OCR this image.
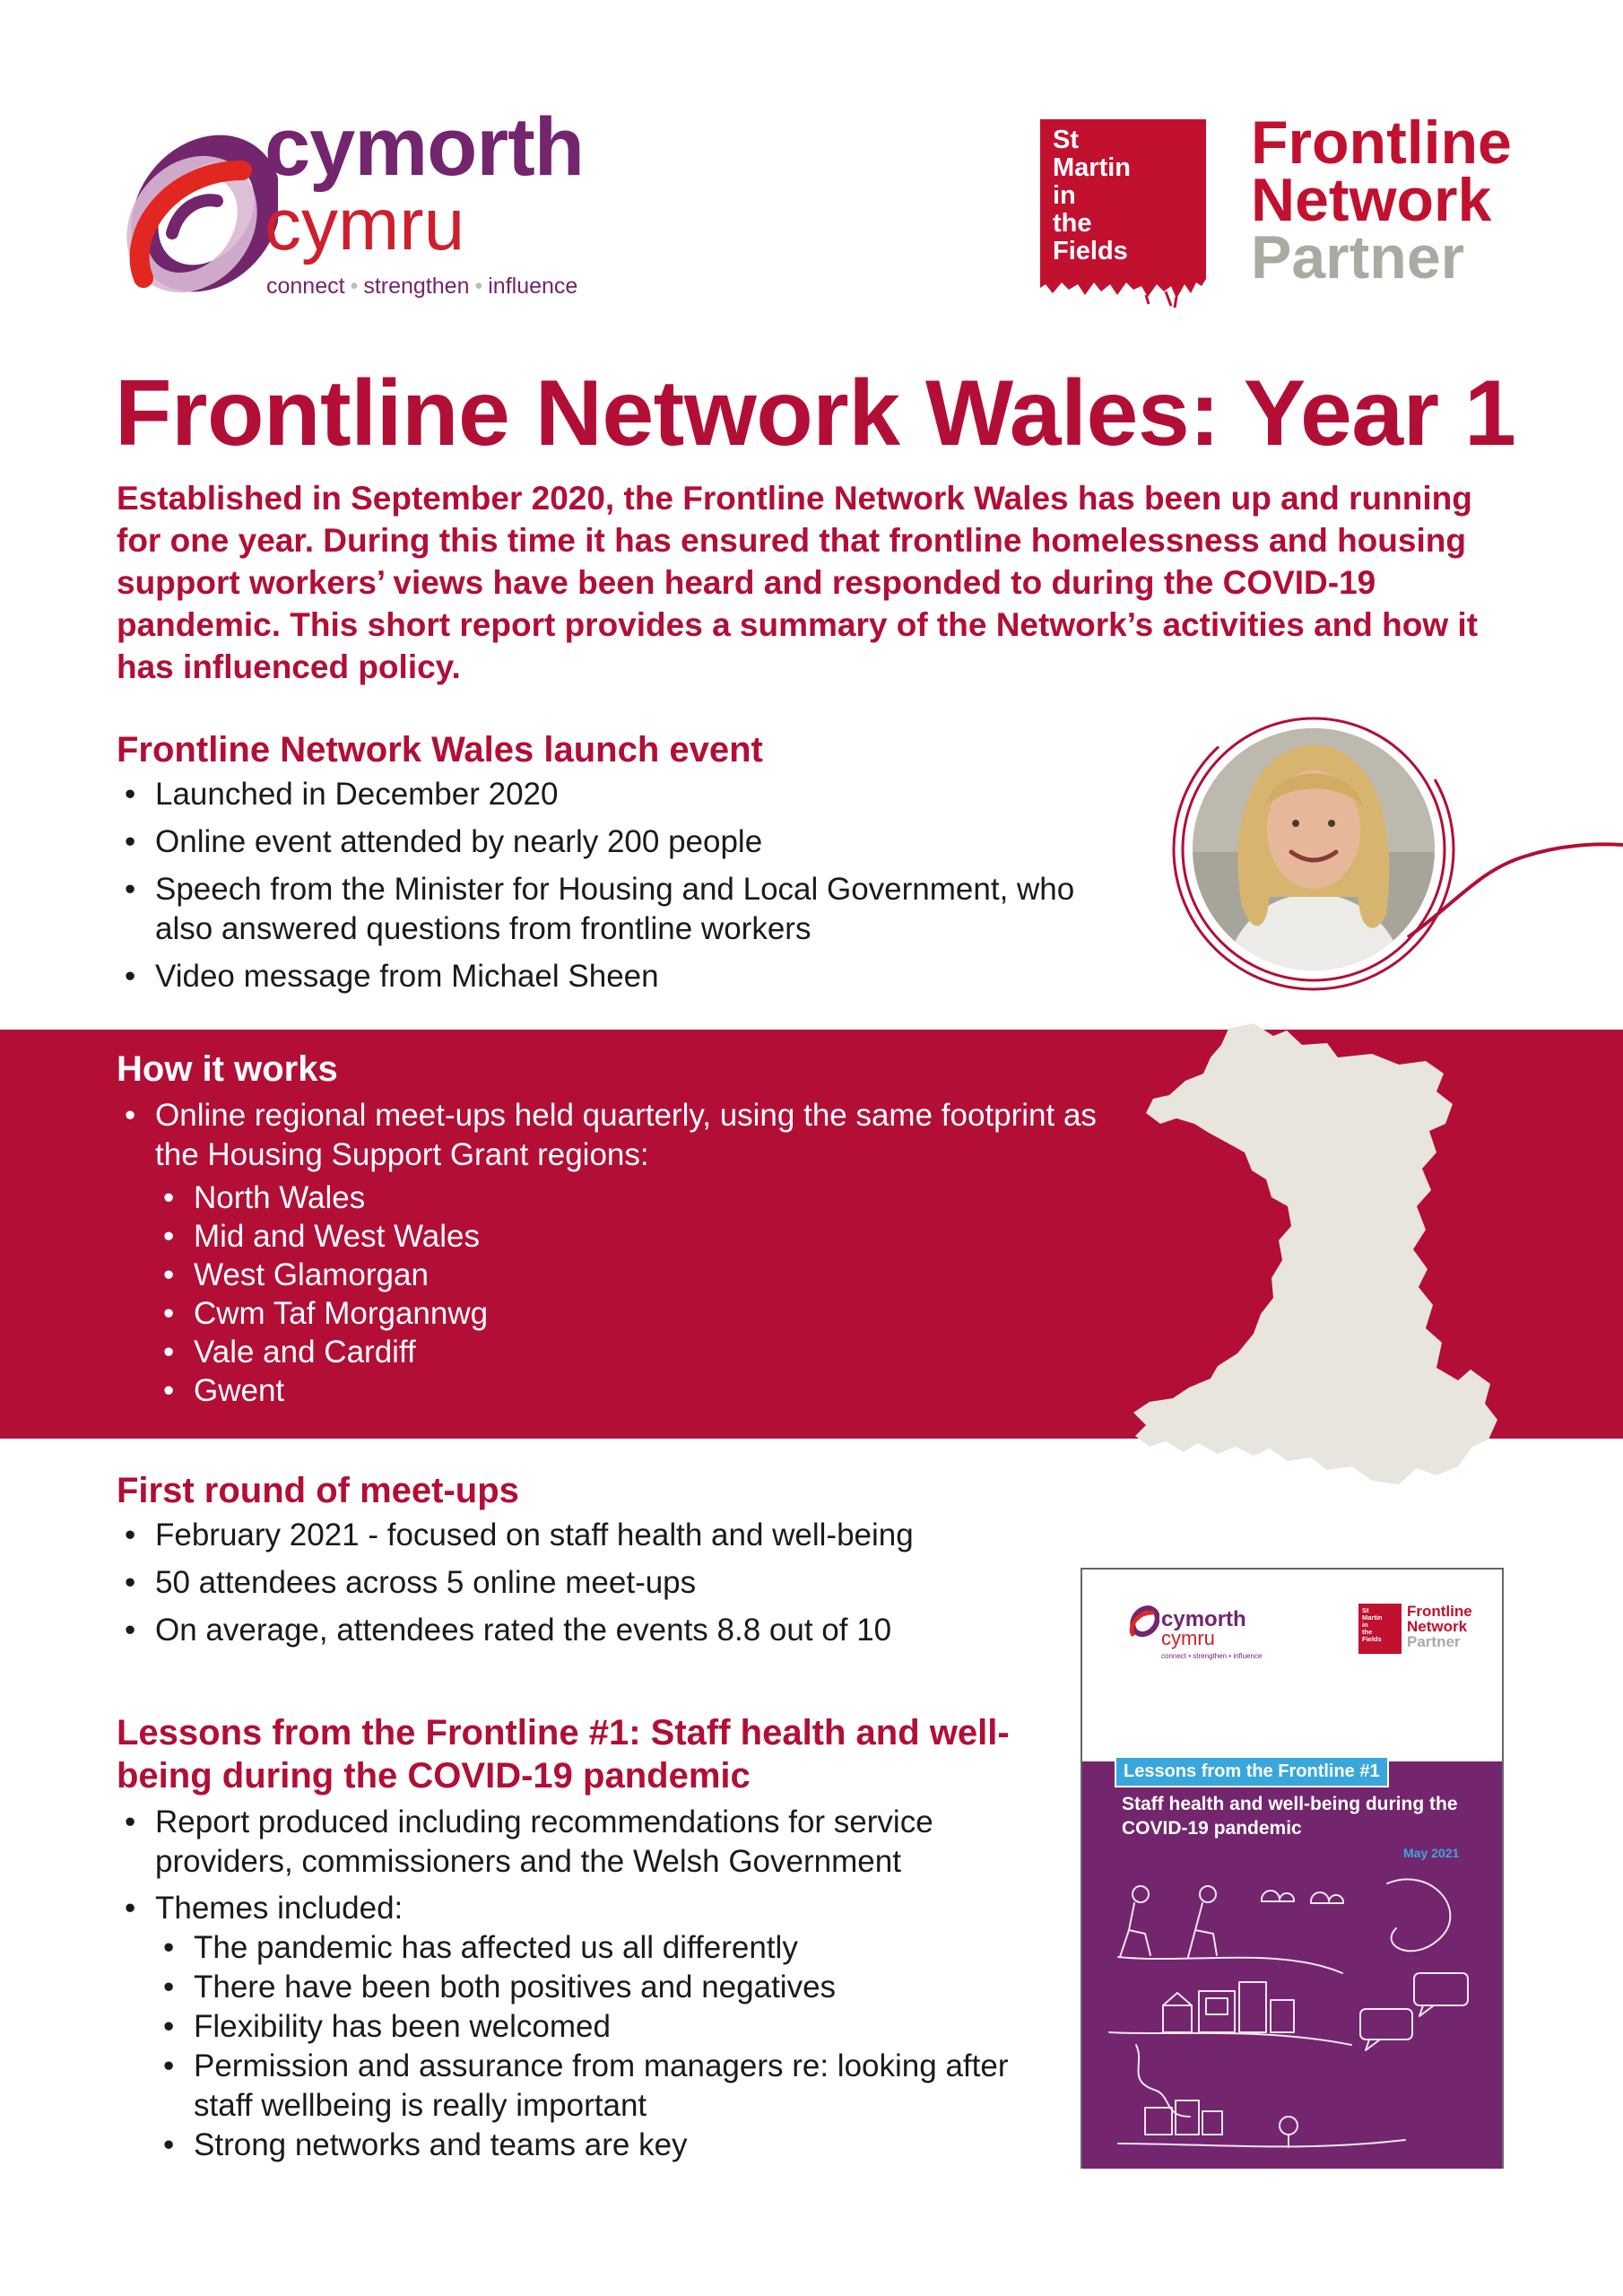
cymorth
cymru
connect • strengthen • influence
St
Martin
in
the
Fields
Frontline
Network
Partner
Frontline Network Wales: Year 1

Established in September 2020, the Frontline Network Wales has been up and running for one year. During this time it has ensured that frontline homelessness and housing support workers’ views have been heard and responded to during the COVID-19 pandemic. This short report provides a summary of the Network’s activities and how it has influenced policy.

Frontline Network Wales launch event
• Launched in December 2020
• Online event attended by nearly 200 people
• Speech from the Minister for Housing and Local Government, who also answered questions from frontline workers
• Video message from Michael Sheen
How it works
• Online regional meet-ups held quarterly, using the same footprint as the Housing Support Grant regions:
• North Wales
• Mid and West Wales
• West Glamorgan
• Cwm Taf Morgannwg
• Vale and Cardiff
• Gwent
First round of meet-ups
• February 2021 - focused on staff health and well-being
• 50 attendees across 5 online meet-ups
• On average, attendees rated the events 8.8 out of 10
Lessons from the Frontline #1: Staff health and well-being during the COVID-19 pandemic
• Report produced including recommendations for service providers, commissioners and the Welsh Government
• Themes included:
• The pandemic has affected us all differently
• There have been both positives and negatives
• Flexibility has been welcomed
• Permission and assurance from managers re: looking after staff wellbeing is really important
• Strong networks and teams are key
cymorth
cymru
connect • strengthen • influence
St
Martin
in
the
Fields
Frontline
Network
Partner
Lessons from the Frontline #1
Staff health and well-being during the COVID-19 pandemic
May 2021
